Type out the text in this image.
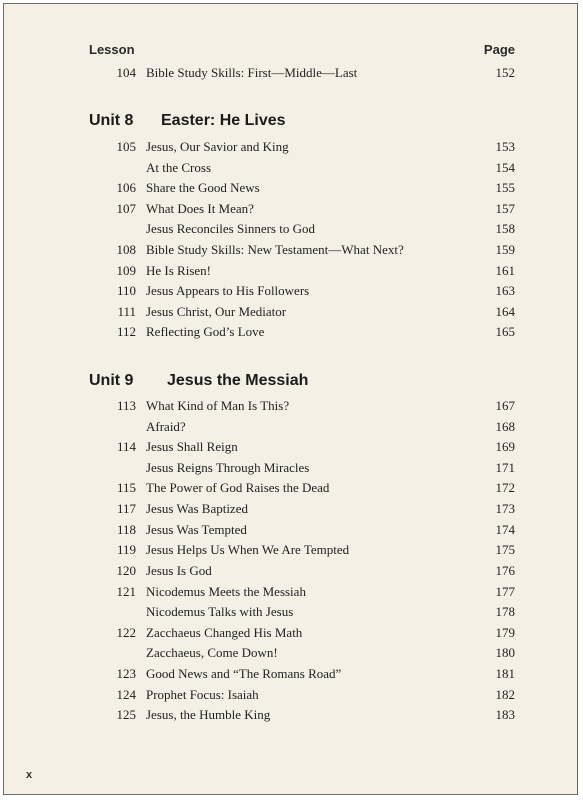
Lesson	Page
104 Bible Study Skills: First—Middle—Last	152
Unit 8 Easter: He Lives
105 Jesus, Our Savior and King	153
At the Cross	154
106 Share the Good News	155
107 What Does It Mean?	157
Jesus Reconciles Sinners to God	158
108 Bible Study Skills: New Testament—What Next?	159
109 He Is Risen!	161
110 Jesus Appears to His Followers	163
111 Jesus Christ, Our Mediator	164
112 Reflecting God’s Love	165
Unit 9 Jesus the Messiah
113 What Kind of Man Is This?	167
Afraid?	168
114 Jesus Shall Reign	169
Jesus Reigns Through Miracles	171
115 The Power of God Raises the Dead	172
117 Jesus Was Baptized	173
118 Jesus Was Tempted	174
119 Jesus Helps Us When We Are Tempted	175
120 Jesus Is God	176
121 Nicodemus Meets the Messiah	177
Nicodemus Talks with Jesus	178
122 Zacchaeus Changed His Math	179
Zacchaeus, Come Down!	180
123 Good News and “The Romans Road”	181
124 Prophet Focus: Isaiah	182
125 Jesus, the Humble King	183
x
